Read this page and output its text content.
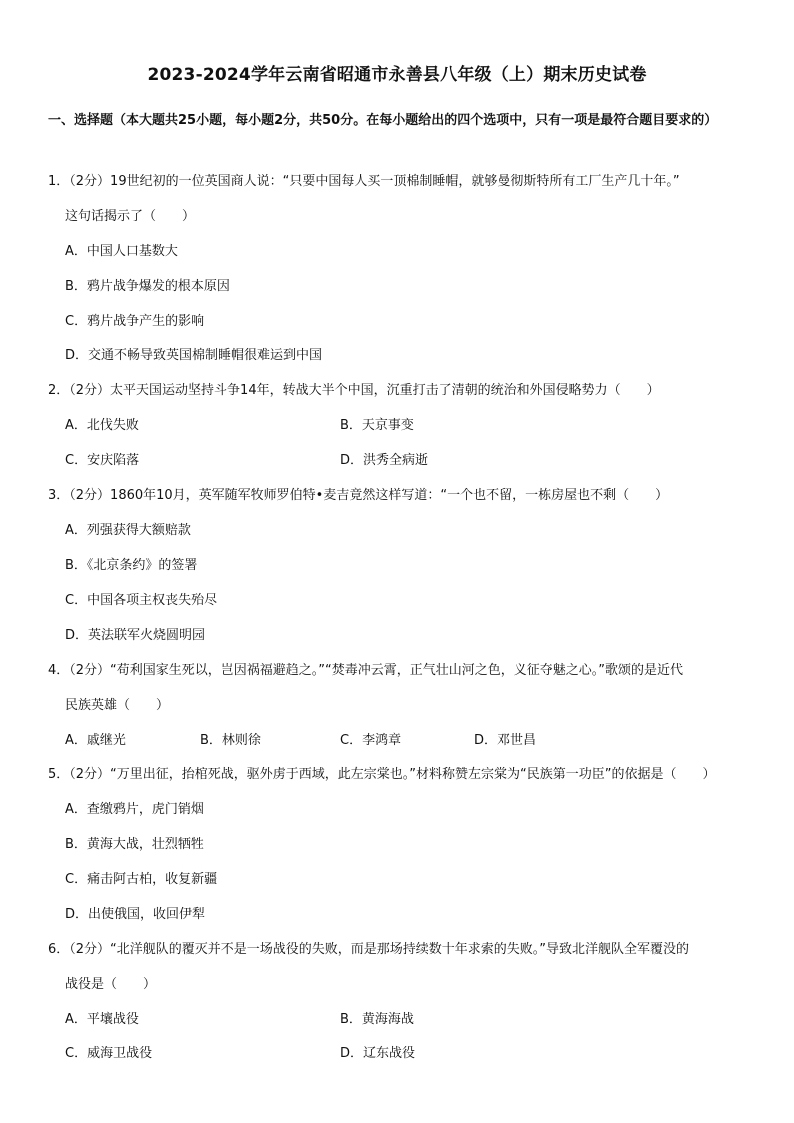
2023-2024学年云南省昭通市永善县八年级（上）期末历史试卷
一、选择题（本大题共25小题，每小题2分，共50分。在每小题给出的四个选项中，只有一项是最符合题目要求的）
1．（2分）19世纪初的一位英国商人说：“只要中国每人买一顶棉制睡帽，就够曼彻斯特所有工厂生产几十年。”
这句话揭示了（　　）
A．中国人口基数大
B．鸦片战争爆发的根本原因
C．鸦片战争产生的影响
D．交通不畅导致英国棉制睡帽很难运到中国
2．（2分）太平天国运动坚持斗争14年，转战大半个中国，沉重打击了清朝的统治和外国侵略势力（　　）
A．北伐失败	B．天京事变
C．安庆陷落	D．洪秀全病逝
3．（2分）1860年10月，英军随军牧师罗伯特•麦吉竟然这样写道：“一个也不留，一栋房屋也不剩（　　）
A．列强获得大额赔款
B．《北京条约》的签署
C．中国各项主权丧失殆尽
D．英法联军火烧圆明园
4．（2分）“苟利国家生死以，岂因祸福避趋之。”“焚毒冲云霄，正气壮山河之色，义征夺魅之心。”歌颂的是近代
民族英雄（　　）
A．戚继光	B．林则徐	C．李鸿章	D．邓世昌
5．（2分）“万里出征，抬棺死战，驱外虏于西域，此左宗棠也。”材料称赞左宗棠为“民族第一功臣”的依据是（　　）
A．查缴鸦片，虎门销烟
B．黄海大战，壮烈牺牲
C．痛击阿古柏，收复新疆
D．出使俄国，收回伊犁
6．（2分）“北洋舰队的覆灭并不是一场战役的失败，而是那场持续数十年求索的失败。”导致北洋舰队全军覆没的
战役是（　　）
A．平壤战役	B．黄海海战
C．威海卫战役	D．辽东战役
